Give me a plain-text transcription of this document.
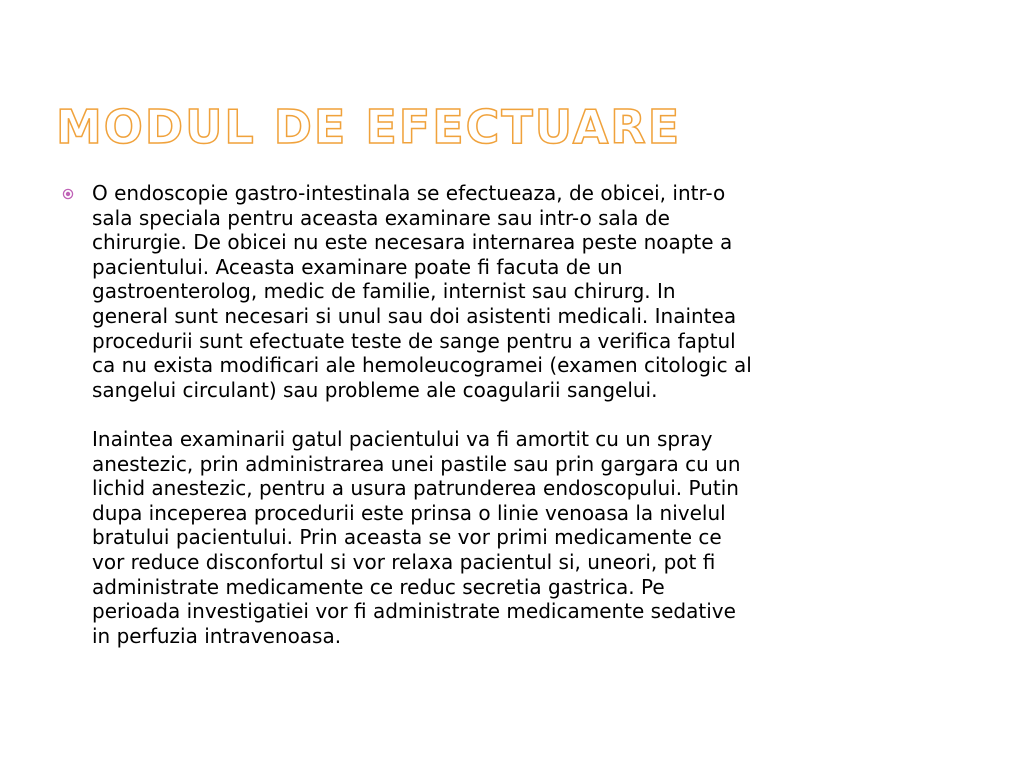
MODUL DE EFECTUARE

O endoscopie gastro-intestinala se efectueaza, de obicei, intr-o
sala speciala pentru aceasta examinare sau intr-o sala de
chirurgie. De obicei nu este necesara internarea peste noapte a
pacientului. Aceasta examinare poate fi facuta de un
gastroenterolog, medic de familie, internist sau chirurg. In
general sunt necesari si unul sau doi asistenti medicali. Inaintea
procedurii sunt efectuate teste de sange pentru a verifica faptul
ca nu exista modificari ale hemoleucogramei (examen citologic al
sangelui circulant) sau probleme ale coagularii sangelui.

Inaintea examinarii gatul pacientului va fi amortit cu un spray
anestezic, prin administrarea unei pastile sau prin gargara cu un
lichid anestezic, pentru a usura patrunderea endoscopului. Putin
dupa inceperea procedurii este prinsa o linie venoasa la nivelul
bratului pacientului. Prin aceasta se vor primi medicamente ce
vor reduce disconfortul si vor relaxa pacientul si, uneori, pot fi
administrate medicamente ce reduc secretia gastrica. Pe
perioada investigatiei vor fi administrate medicamente sedative
in perfuzia intravenoasa.
